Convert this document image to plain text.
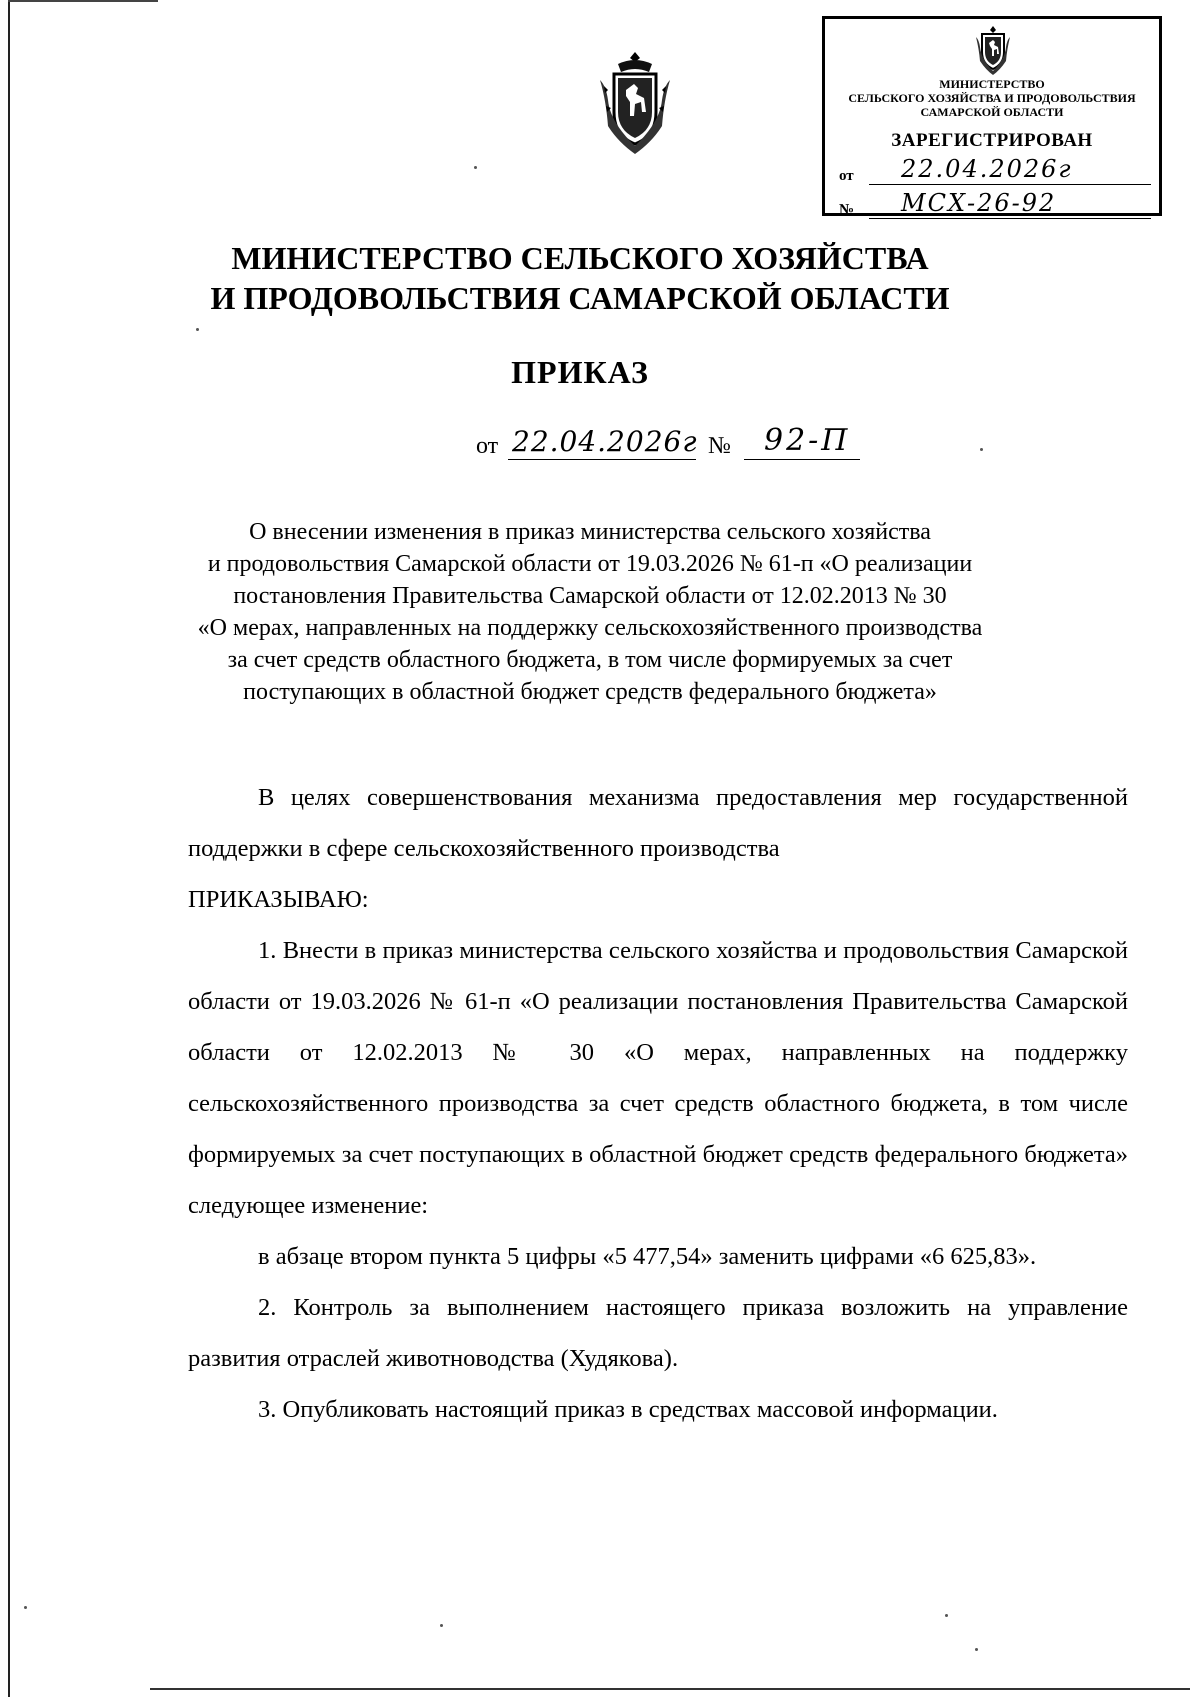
МИНИСТЕРСТВО
СЕЛЬСКОГО ХОЗЯЙСТВА И ПРОДОВОЛЬСТВИЯ
САМАРСКОЙ ОБЛАСТИ
ЗАРЕГИСТРИРОВАН
от 22.04.2026г
№ МСХ-26-92
МИНИСТЕРСТВО СЕЛЬСКОГО ХОЗЯЙСТВА
И ПРОДОВОЛЬСТВИЯ САМАРСКОЙ ОБЛАСТИ
ПРИКАЗ
от 22.04.2026г № 92-П
О внесении изменения в приказ министерства сельского хозяйства
и продовольствия Самарской области от 19.03.2026 № 61-п «О реализации
постановления Правительства Самарской области от 12.02.2013 № 30
«О мерах, направленных на поддержку сельскохозяйственного производства
за счет средств областного бюджета, в том числе формируемых за счет
поступающих в областной бюджет средств федерального бюджета»

В целях совершенствования механизма предоставления мер государственной поддержки в сфере сельскохозяйственного производства

ПРИКАЗЫВАЮ:

1. Внести в приказ министерства сельского хозяйства и продовольствия Самарской области от 19.03.2026 № 61-п «О реализации постановления Правительства Самарской области от 12.02.2013 № 30 «О мерах, направленных на поддержку сельскохозяйственного производства за счет средств областного бюджета, в том числе формируемых за счет поступающих в областной бюджет средств федерального бюджета» следующее изменение:

в абзаце втором пункта 5 цифры «5 477,54» заменить цифрами «6 625,83».

2. Контроль за выполнением настоящего приказа возложить на управление развития отраслей животноводства (Худякова).

3. Опубликовать настоящий приказ в средствах массовой информации.
